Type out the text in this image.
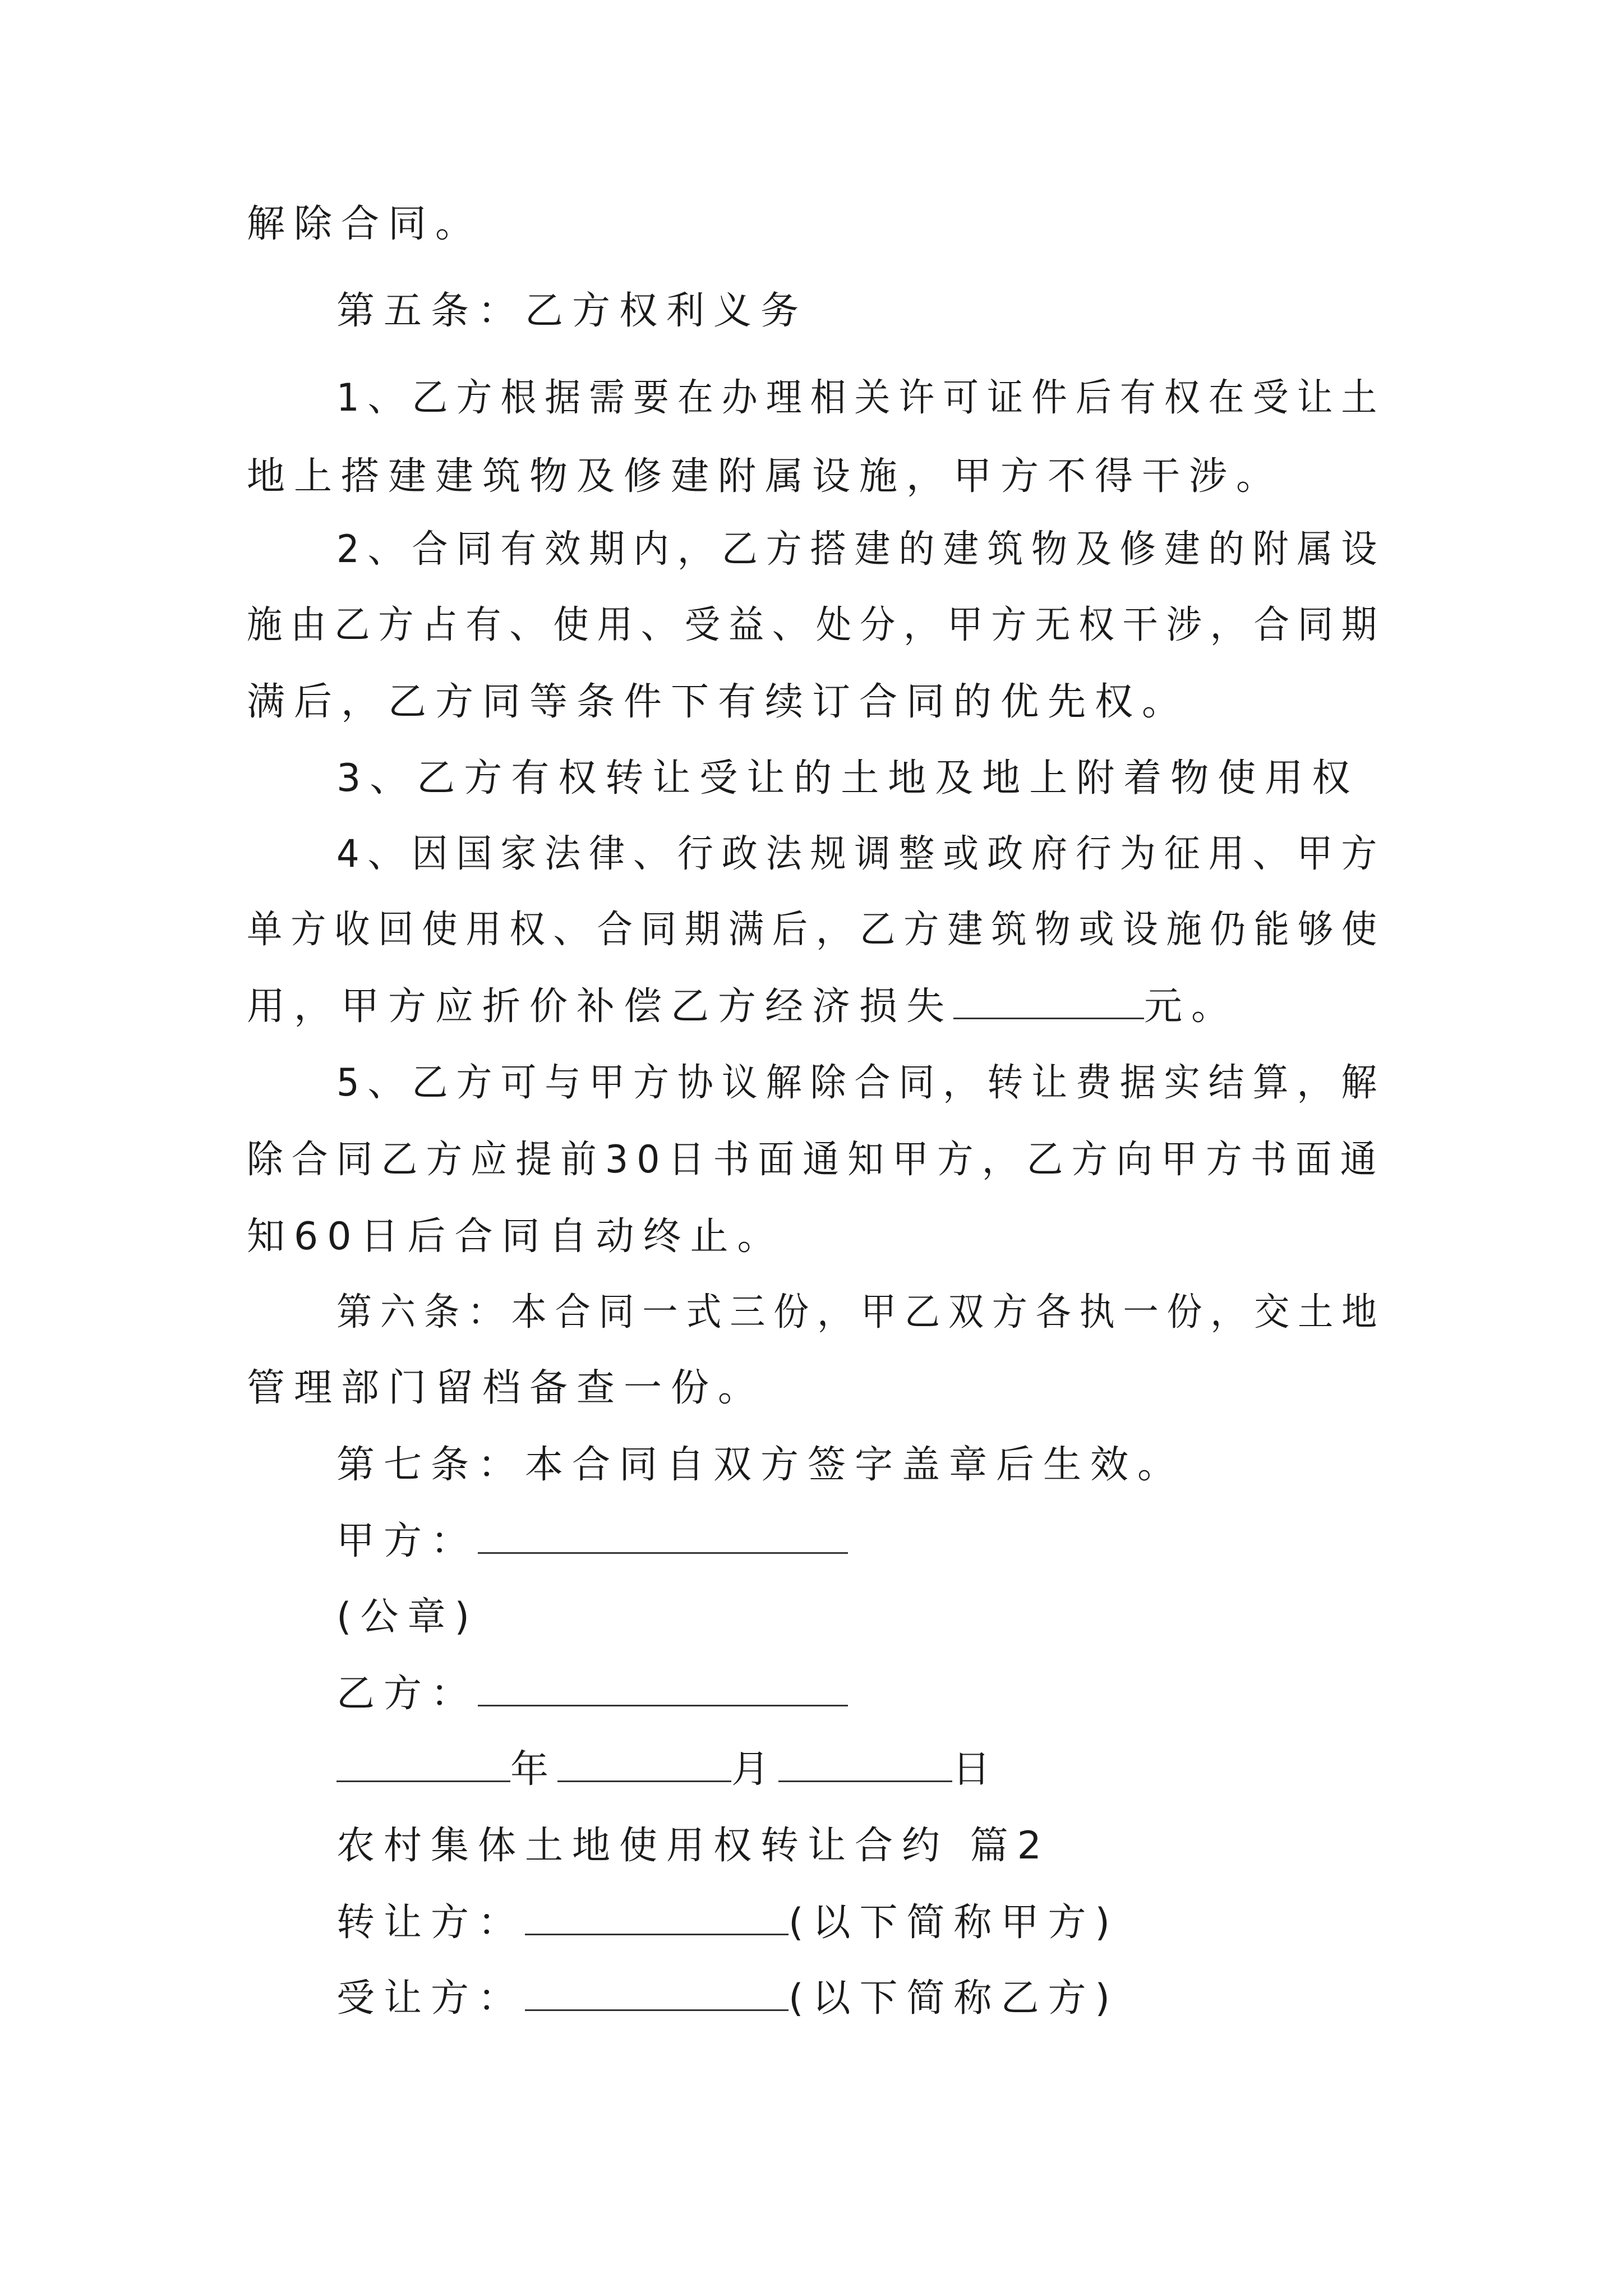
解除合同。
第五条：乙方权利义务
1、乙方根据需要在办理相关许可证件后有权在受让土
地上搭建建筑物及修建附属设施，甲方不得干涉。
2、合同有效期内，乙方搭建的建筑物及修建的附属设
施由乙方占有、使用、受益、处分，甲方无权干涉，合同期
满后，乙方同等条件下有续订合同的优先权。
3、乙方有权转让受让的土地及地上附着物使用权
4、因国家法律、行政法规调整或政府行为征用、甲方
单方收回使用权、合同期满后，乙方建筑物或设施仍能够使
用，甲方应折价补偿乙方经济损失	元。
5、乙方可与甲方协议解除合同，转让费据实结算，解
除合同乙方应提前30日书面通知甲方，乙方向甲方书面通
知60日后合同自动终止。
第六条：本合同一式三份，甲乙双方各执一份，交土地
管理部门留档备查一份。
第七条：本合同自双方签字盖章后生效。
甲方：
(公章)
乙方：
年	月	日
农村集体土地使用权转让合约 篇2
转让方：	(以下简称甲方)
受让方：	(以下简称乙方)
